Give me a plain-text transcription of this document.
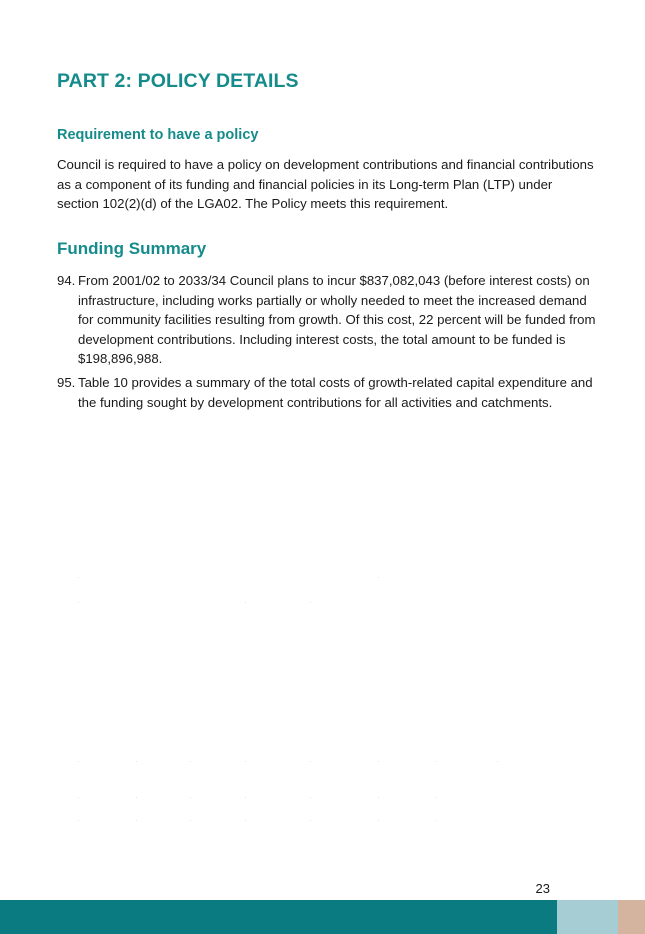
PART 2: POLICY DETAILS
Requirement to have a policy

Council is required to have a policy on development contributions and financial contributions as a component of its funding and financial policies in its Long-term Plan (LTP) under section 102(2)(d) of the LGA02. The Policy meets this requirement.

Funding Summary
94. From 2001/02 to 2033/34 Council plans to incur $837,082,043 (before interest costs) on infrastructure, including works partially or wholly needed to meet the increased demand for community facilities resulting from growth. Of this cost, 22 percent will be funded from development contributions. Including interest costs, the total amount to be funded is $198,896,988.
95. Table 10 provides a summary of the total costs of growth-related capital expenditure and the funding sought by development contributions for all activities and catchments.
23
